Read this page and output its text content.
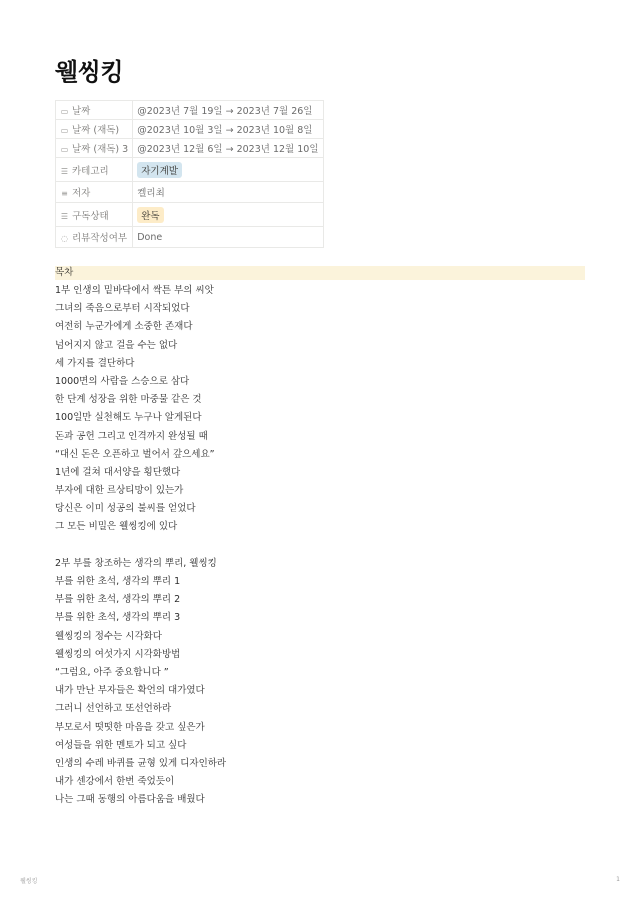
웰씽킹
▭ 날짜	@2023년 7월 19일 → 2023년 7월 26일
▭ 날짜 (재독)	@2023년 10월 3일 → 2023년 10월 8일
▭ 날짜 (재독) 3	@2023년 12월 6일 → 2023년 12월 10일
☰ 카테고리	자기계발
≡ 저자	켈리최
☰ 구독상태	완독
◌ 리뷰작성여부	Done
목차
1부 인생의 밑바닥에서 싹튼 부의 씨앗
그녀의 죽음으로부터 시작되었다
여전히 누군가에게 소중한 존재다
넘어지지 않고 걸을 수는 없다
세 가지를 결단하다
1000면의 사람을 스승으로 삼다
한 단계 성장을 위한 마중물 같은 것
100일만 실천해도 누구나 알게된다
돈과 공헌 그리고 인격까지 완성될 때
“대신 돈은 오픈하고 벌어서 갚으세요”
1년에 걸쳐 대서양을 횡단했다
부자에 대한 르상티망이 있는가
당신은 이미 성공의 불씨를 얻었다
그 모든 비밀은 웰씽킹에 있다
2부 부를 창조하는 생각의 뿌리, 웰씽킹
부를 위한 초석, 생각의 뿌리 1
부를 위한 초석, 생각의 뿌리 2
부를 위한 초석, 생각의 뿌리 3
웰씽킹의 정수는 시각화다
웰씽킹의 여섯가지 시각화방법
“그럼요, 아주 중요합니다 ”
내가 만난 부자들은 확언의 대가였다
그러니 선언하고 또선언하라
부모로서 떳떳한 마음을 갖고 싶은가
여성들을 위한 멘토가 되고 싶다
인생의 수레 바퀴를 균형 있게 디자인하라
내가 센강에서 한번 죽었듯이
나는 그때 동행의 아름다움을 배웠다
웰씽킹	1
